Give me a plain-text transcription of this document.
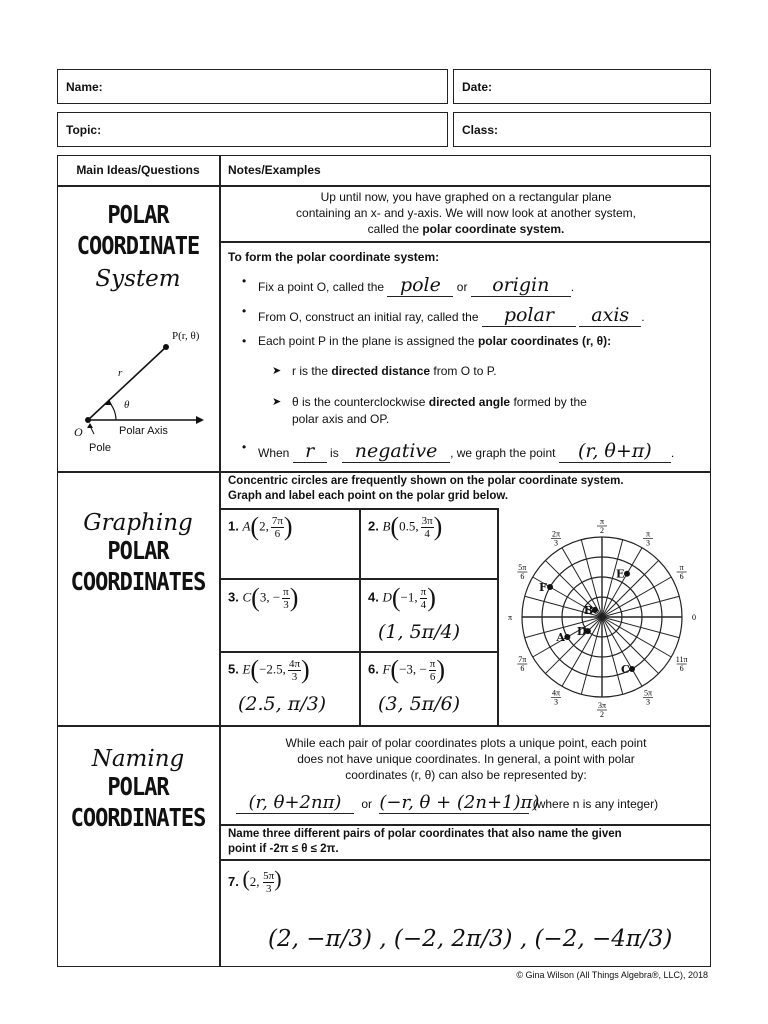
Name:	Date:
Topic:	Class:
Main Ideas/Questions	Notes/Examples
POLAR
COORDINATE
System
P(r, θ)
r
θ
O	Polar Axis
Pole
Up until now, you have graphed on a rectangular plane
containing an x- and y-axis. We will now look at another system,
called the polar coordinate system.
To form the polar coordinate system:
• Fix a point O, called the pole or origin .
• From O, construct an initial ray, called the polar axis .
• Each point P in the plane is assigned the polar coordinates (r, θ):
➤ r is the directed distance from O to P.
➤ θ is the counterclockwise directed angle formed by the
polar axis and OP.
• When r is negative , we graph the point (r, θ+π) .
Graphing
POLAR
COORDINATES
Concentric circles are frequently shown on the polar coordinate system.
Graph and label each point on the polar grid below.
1. A(2, $\frac{7\pi}{6}$ )	2. B(0.5, $\frac{3\pi}{4}$ )
3. C(3, − $\frac{\pi}{3}$ )	4. D(−1, $\frac{\pi}{4}$ )
(1, 5π/4)
5. E(−2.5, $\frac{4\pi}{3}$ )
(2.5, π/3)
6. F(−3, − $\frac{\pi}{6}$ )
(3, 5π/6)
π
2	π
3
π
6
0
11π
6
5π
3
3π
2
4π
3
7π
6
π
5π
6
2π
3
A
B
C
D
E
F
Naming
POLAR
COORDINATES
While each pair of polar coordinates plots a unique point, each point
does not have unique coordinates. In general, a point with polar
coordinates (r, θ) can also be represented by:
(r, θ+2nπ) or (−r, θ + (2n+1)π) (where n is any integer)
Name three different pairs of polar coordinates that also name the given
point if -2π ≤ θ ≤ 2π.
7. (2, $\frac{5\pi}{3}$ )
(2, −π/3) , (−2, 2π/3) , (−2, −4π/3)
© Gina Wilson (All Things Algebra®, LLC), 2018
